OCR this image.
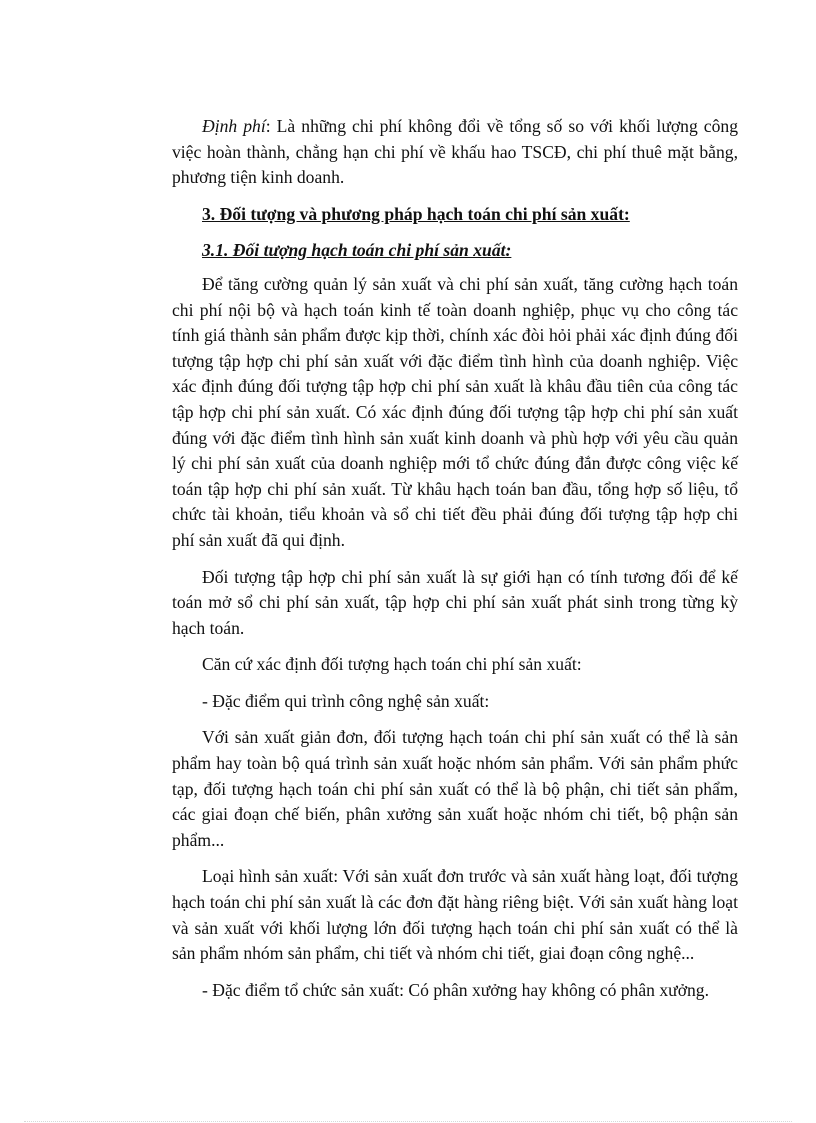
Định phí: Là những chi phí không đổi về tổng số so với khối lượng công việc hoàn thành, chẳng hạn chi phí về khấu hao TSCĐ, chi phí thuê mặt bằng, phương tiện kinh doanh.

3. Đối tượng và phương pháp hạch toán chi phí sản xuất:

3.1. Đối tượng hạch toán chi phí sản xuất:

Để tăng cường quản lý sản xuất và chi phí sản xuất, tăng cường hạch toán chi phí nội bộ và hạch toán kinh tế toàn doanh nghiệp, phục vụ cho công tác tính giá thành sản phẩm được kịp thời, chính xác đòi hỏi phải xác định đúng đối tượng tập hợp chi phí sản xuất với đặc điểm tình hình của doanh nghiệp. Việc xác định đúng đối tượng tập hợp chi phí sản xuất là khâu đầu tiên của công tác tập hợp chi phí sản xuất. Có xác định đúng đối tượng tập hợp chi phí sản xuất đúng với đặc điểm tình hình sản xuất kinh doanh và phù hợp với yêu cầu quản lý chi phí sản xuất của doanh nghiệp mới tổ chức đúng đắn được công việc kế toán tập hợp chi phí sản xuất. Từ khâu hạch toán ban đầu, tổng hợp số liệu, tổ chức tài khoản, tiểu khoản và sổ chi tiết đều phải đúng đối tượng tập hợp chi phí sản xuất đã qui định.

Đối tượng tập hợp chi phí sản xuất là sự giới hạn có tính tương đối để kế toán mở sổ chi phí sản xuất, tập hợp chi phí sản xuất phát sinh trong từng kỳ hạch toán.

Căn cứ xác định đối tượng hạch toán chi phí sản xuất:

- Đặc điểm qui trình công nghệ sản xuất:

Với sản xuất giản đơn, đối tượng hạch toán chi phí sản xuất có thể là sản phẩm hay toàn bộ quá trình sản xuất hoặc nhóm sản phẩm. Với sản phẩm phức tạp, đối tượng hạch toán chi phí sản xuất có thể là bộ phận, chi tiết sản phẩm, các giai đoạn chế biến, phân xưởng sản xuất hoặc nhóm chi tiết, bộ phận sản phẩm...

Loại hình sản xuất: Với sản xuất đơn trước và sản xuất hàng loạt, đối tượng hạch toán chi phí sản xuất là các đơn đặt hàng riêng biệt. Với sản xuất hàng loạt và sản xuất với khối lượng lớn đối tượng hạch toán chi phí sản xuất có thể là sản phẩm nhóm sản phẩm, chi tiết và nhóm chi tiết, giai đoạn công nghệ...

- Đặc điểm tổ chức sản xuất: Có phân xưởng hay không có phân xưởng.
